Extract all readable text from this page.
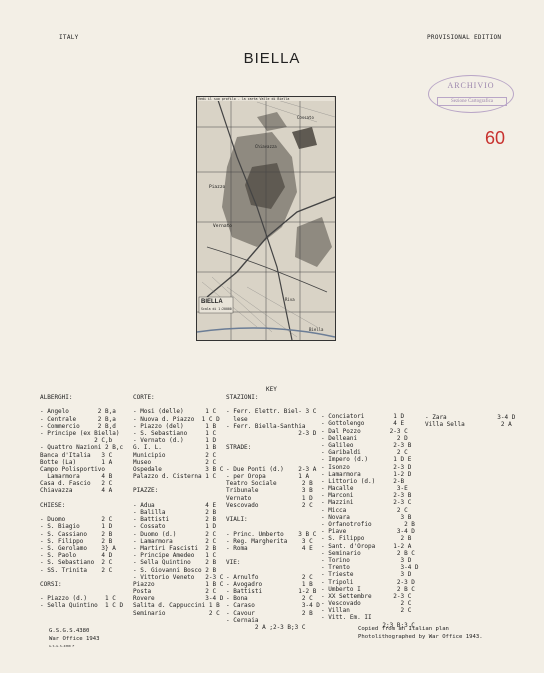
ITALY	PROVISIONAL EDITION
BIELLA
ARCHIVIO
Sezione Cartografica
60
Vedi il suo profilo - la carta Valle di Biella
Chiavazza
Cossato
Piazzo
Vernato
Riva
Biella
BIELLA
Scala di 1:20000
KEY
ALBERGHI:
- Angelo        2 B,a
- Centrale      2 B,a
- Commercio     2 B,d
- Principe (ex Biella)
2 C,b
- Quattro Nazioni 2 B,c
Banca d'Italia   3 C
Botte (La)       1 A
Campo Polisportivo
Lamarmora      4 B
Casa d. Fascio   2 C
Chiavazza        4 A
CHIESE:
- Duomo          2 C
- S. Biagio      1 D
- S. Cassiano    2 B
- S. Filippo     2 B
- S. Gerolamo    3} A
- S. Paolo       4 D
- S. Sebastiano  2 C
- SS. Trinita    2 C
CORSI:
- Piazzo (d.)     1 C
- Sella Quintino  1 C D
CORTE:
- Mosi (delle)      1 C
- Nuova d. Piazzo  1 C D
- Piazzo (del)      1 B
- S. Sebastiano     1 C
- Vernato (d.)      1 D
G. I. L.            1 B
Municipio           2 C
Museo               2 C
Ospedale            3 B C
Palazzo d. Cisterna 1 C
PIAZZE:
- Adua              4 E
- Balilla           2 B
- Battisti          2 B
- Cossato           1 D
- Duomo (d.)        2 C
- Lamarmora         2 C
- Martiri Fascisti  2 B
- Principe Amedeo   1 C
- Sella Quintino    2 B
- S. Giovanni Bosco 2 B
- Vittorio Veneto   2-3 C
Piazzo              1 B C
Posta               2 C
Rovere              3-4 D
Salita d. Cappuccini 1 B
Seminario            2 C
STAZIONI:
- Ferr. Elettr. Biel- 3 C
lese
- Ferr. Biella-Santhia
2-3 D
STRADE:
- Due Ponti (d.)    2-3 A
- per Oropa         1 A
Teatro Sociale       2 B
Tribunale            3 B
Vernato              1 D
Vescovado            2 C
VIALI:
- Princ. Umberto    3 B C
- Reg. Margherita    3 C
- Roma               4 E
VIE:
- Arnulfo            2 C
- Avogadro           1 B
- Battisti          1-2 B
- Bona               2 C
- Caraso             3-4 D
- Cavour             2 B
- Cernaia
2 A ;2-3 B;3 C
- Conciatori        1 D
- Gottolengo        4 E
- Dal Pozzo        2-3 C
- Delleani           2 D
- Galileo           2-3 B
- Garibaldi          2 C
- Impero (d.)       1 D E
- Isonzo            2-3 D
- Lamarmora         1-2 D
- Littorio (d.)     2-B
- Macalle            3-E
- Marconi           2-3 B
- Mazzini           2-3 C
- Micca              2 C
- Novara              3 B
- Orfanotrofio         2 B
- Piave              3-4 D
- S. Filippo          2 B
- Sant. d'Oropa     1-2 A
- Seminario          2 B C
- Torino              3 D
- Trento              3-4 D
- Trieste             3 D
- Tripoli            2-3 D
- Umberto I          2 B C
- XX Settembre      2-3 C
- Vescovado           2 C
- Villan              2 C
- Vitt. Em. II
2;3 B;3 C
- Zara              3-4 D
Villa Sella          2 A
G.S.G.S.4380
War Office 1943
G.S.G.S.4380 F
Copied from an Italian plan
Photolithographed by War Office 1943.
